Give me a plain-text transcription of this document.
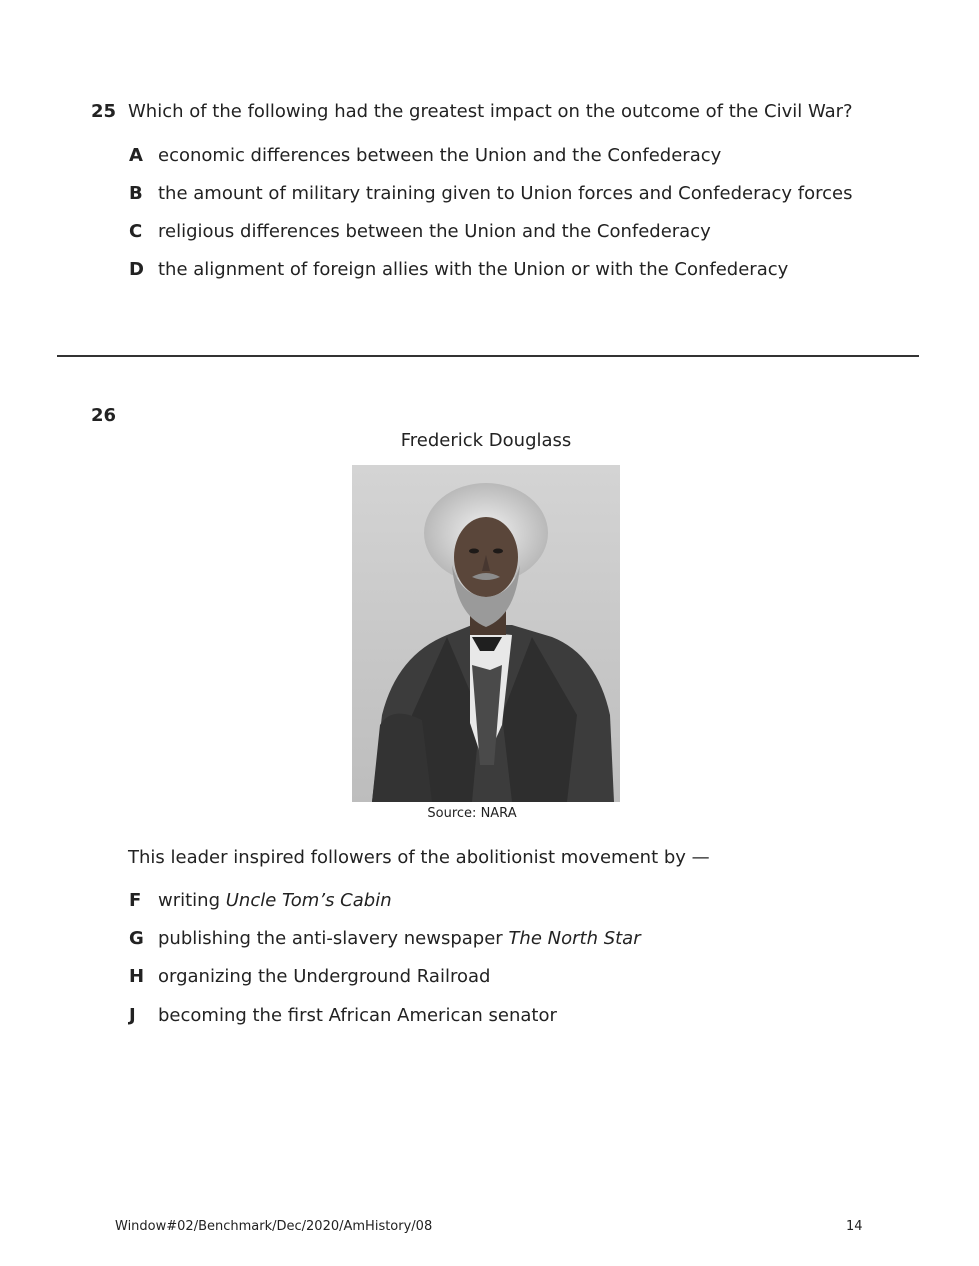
25 Which of the following had the greatest impact on the outcome of the Civil War?
A economic differences between the Union and the Confederacy
B the amount of military training given to Union forces and Confederacy forces
C religious differences between the Union and the Confederacy
D the alignment of foreign allies with the Union or with the Confederacy
26
Frederick Douglass
Source: NARA
This leader inspired followers of the abolitionist movement by —
F writing Uncle Tom’s Cabin
G publishing the anti-slavery newspaper The North Star
H organizing the Underground Railroad
J becoming the first African American senator
Window#02/Benchmark/Dec/2020/AmHistory/08	14
